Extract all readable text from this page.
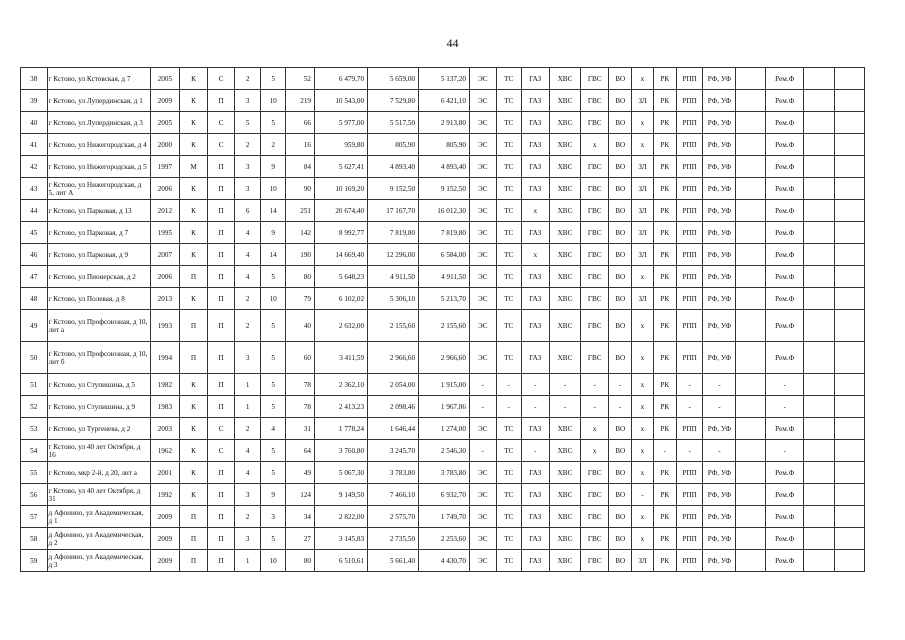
44
38	г Кстово, ул Кстовская, д 7	2005	К	С	2	5	52	6 479,70	5 659,00	5 137,20	ЭС	ТС	ГАЗ	ХВС	ГВС	ВО	х	РК	РПП	РФ, УФ		Рем.Ф		
39	г Кстово, ул Лупердинская, д 1	2009	К	П	3	10	219	10 543,00	7 529,80	6 421,10	ЭС	ТС	ГАЗ	ХВС	ГВС	ВО	ЗЛ	РК	РПП	РФ, УФ		Рем.Ф		
40	г Кстово, ул Лупердинская, д 3	2005	К	С	5	5	66	5 977,00	5 517,50	2 913,80	ЭС	ТС	ГАЗ	ХВС	ГВС	ВО	х	РК	РПП	РФ, УФ		Рем.Ф		
41	г Кстово, ул Нижегородская, д 4	2000	К	С	2	2	16	959,80	805,90	805,90	ЭС	ТС	ГАЗ	ХВС	х	ВО	х	РК	РПП	РФ, УФ		Рем.Ф		
42	г Кстово, ул Нижегородская, д 5	1997	М	П	3	9	84	5 627,41	4 893,40	4 893,40	ЭС	ТС	ГАЗ	ХВС	ГВС	ВО	ЗЛ	РК	РПП	РФ, УФ		Рем.Ф		
43	г Кстово, ул Нижегородская, д 5, лит А	2006	К	П	3	10	90	10 169,20	9 152,50	9 152,50	ЭС	ТС	ГАЗ	ХВС	ГВС	ВО	ЗЛ	РК	РПП	РФ, УФ		Рем.Ф		
44	г Кстово, ул Парковая, д 13	2012	К	П	6	14	251	20 674,40	17 167,70	16 012,30	ЭС	ТС	х	ХВС	ГВС	ВО	ЗЛ	РК	РПП	РФ, УФ		Рем.Ф		
45	г Кстово, ул Парковая, д 7	1995	К	П	4	9	142	8 992,77	7 819,80	7 819,80	ЭС	ТС	ГАЗ	ХВС	ГВС	ВО	ЗЛ	РК	РПП	РФ, УФ		Рем.Ф		
46	г Кстово, ул Парковая, д 9	2007	К	П	4	14	190	14 669,40	12 296,00	6 584,00	ЭС	ТС	х	ХВС	ГВС	ВО	ЗЛ	РК	РПП	РФ, УФ		Рем.Ф		
47	г Кстово, ул Пионерская, д 2	2006	П	П	4	5	80	5 648,23	4 911,50	4 911,50	ЭС	ТС	ГАЗ	ХВС	ГВС	ВО	х	РК	РПП	РФ, УФ		Рем.Ф		
48	г Кстово, ул Полевая, д 8	2013	К	П	2	10	79	6 102,02	5 306,10	5 213,70	ЭС	ТС	ГАЗ	ХВС	ГВС	ВО	ЗЛ	РК	РПП	РФ, УФ		Рем.Ф		
49	г Кстово, ул Профсоюзная, д 10, лит а	1993	П	П	2	5	40	2 632,00	2 155,60	2 155,60	ЭС	ТС	ГАЗ	ХВС	ГВС	ВО	х	РК	РПП	РФ, УФ		Рем.Ф		
50	г Кстово, ул Профсоюзная, д 10, лит б	1994	П	П	3	5	60	3 411,59	2 966,60	2 966,60	ЭС	ТС	ГАЗ	ХВС	ГВС	ВО	х	РК	РПП	РФ, УФ		Рем.Ф		
51	г Кстово, ул Ступишина, д 5	1982	К	П	1	5	78	2 362,10	2 054,00	1 915,00	-	-	-	-	-	-	х	РК	-	-		-		
52	г Кстово, ул Ступишина, д 9	1983	К	П	1	5	78	2 413,23	2 098,46	1 967,86	-	-	-	-	-	-	х	РК	-	-		-		
53	г Кстово, ул Тургенева, д 2	2003	К	С	2	4	31	1 778,24	1 646,44	1 274,00	ЭС	ТС	ГАЗ	ХВС	х	ВО	х	РК	РПП	РФ, УФ		Рем.Ф		
54	г Кстово, ул 40 лет Октября, д 16	1962	К	С	4	5	64	3 760,80	3 245,70	2 546,30	-	ТС	-	ХВС	х	ВО	х	-	-	-		-		
55	г Кстово, мкр 2-й, д 20, лит а	2001	К	П	4	5	49	5 067,30	3 783,80	3 783,80	ЭС	ТС	ГАЗ	ХВС	ГВС	ВО	х	РК	РПП	РФ, УФ		Рем.Ф		
56	г Кстово, ул 40 лет Октября, д 31	1992	К	П	3	9	124	9 149,50	7 466,10	6 932,70	ЭС	ТС	ГАЗ	ХВС	ГВС	ВО	-	РК	РПП	РФ, УФ		Рем.Ф		
57	д Афонино, ул Академическая, д 1	2009	П	П	2	3	34	2 822,00	2 575,70	1 749,70	ЭС	ТС	ГАЗ	ХВС	ГВС	ВО	х	РК	РПП	РФ, УФ		Рем.Ф		
58	д Афонино, ул Академическая, д 2	2009	П	П	3	5	27	3 145,83	2 735,50	2 253,60	ЭС	ТС	ГАЗ	ХВС	ГВС	ВО	х	РК	РПП	РФ, УФ		Рем.Ф		
59	д Афонино, ул Академическая, д 3	2009	П	П	1	10	80	6 510,61	5 661,40	4 430,70	ЭС	ТС	ГАЗ	ХВС	ГВС	ВО	ЗЛ	РК	РПП	РФ, УФ		Рем.Ф		
